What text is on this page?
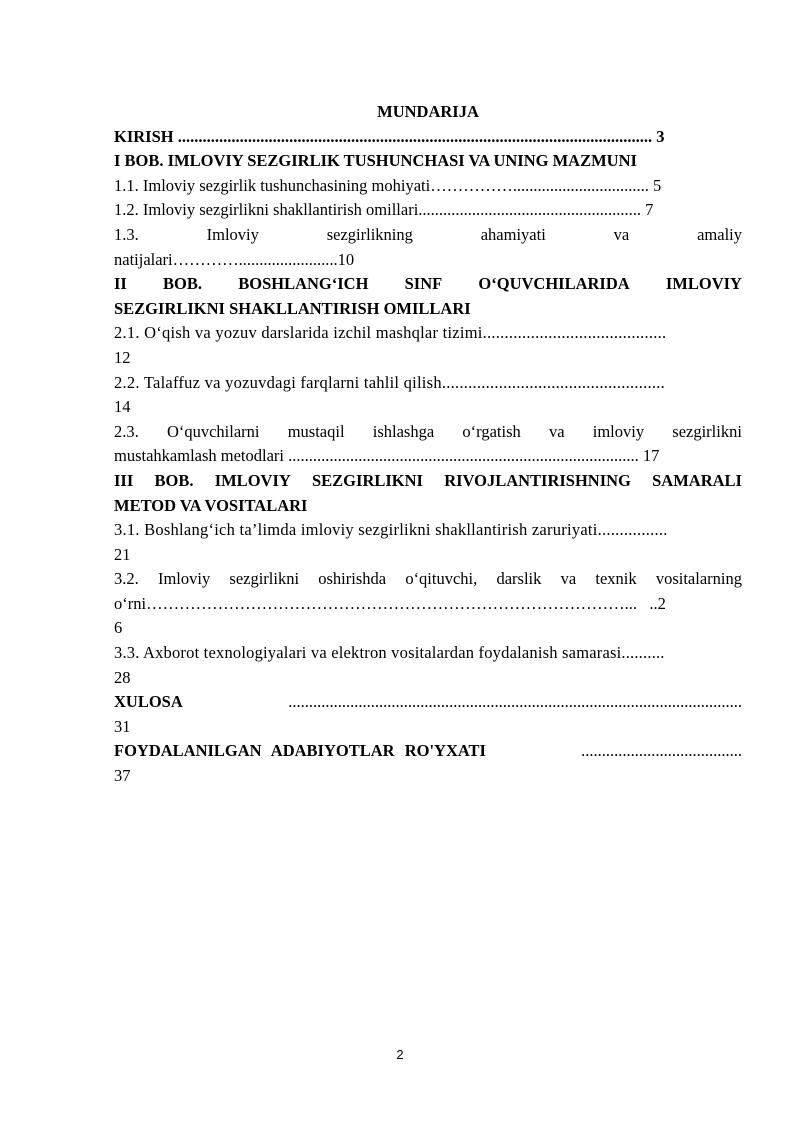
MUNDARIJA
KIRISH ................................................................................................................... 3
I BOB. IMLOVIY SEZGIRLIK TUSHUNCHASI VA UNING MAZMUNI
1.1. Imloviy sezgirlik tushunchasining mohiyati……………................................. 5
1.2. Imloviy sezgirlikni shakllantirish omillari...................................................... 7
1.3.	Imloviy	sezgirlikning	ahamiyati	va	amaliy
natijalari…………........................10
II BOB. BOSHLANG‘ICH SINF O‘QUVCHILARIDA IMLOVIY
SEZGIRLIKNI SHAKLLANTIRISH OMILLARI
2.1. O‘qish va yozuv darslarida izchil mashqlar tizimi..........................................
12
2.2. Talaffuz va yozuvdagi farqlarni tahlil qilish...................................................
14
2.3. O‘quvchilarni mustaqil ishlashga o‘rgatish va imloviy sezgirlikni
mustahkamlash metodlari ..................................................................................... 17
III BOB. IMLOVIY SEZGIRLIKNI RIVOJLANTIRISHNING SAMARALI
METOD VA VOSITALARI
3.1. Boshlang‘ich ta’limda imloviy sezgirlikni shakllantirish zaruriyati................
21
3.2. Imloviy sezgirlikni oshirishda o‘qituvchi, darslik va texnik vositalarning
o‘rni……………………………………………………………………………...   ..2
6
3.3. Axborot texnologiyalari va elektron vositalardan foydalanish samarasi..........
28
XULOSA	..............................................................................................................
31
FOYDALANILGAN ADABIYOTLAR RO'YXATI	.......................................
37
2
